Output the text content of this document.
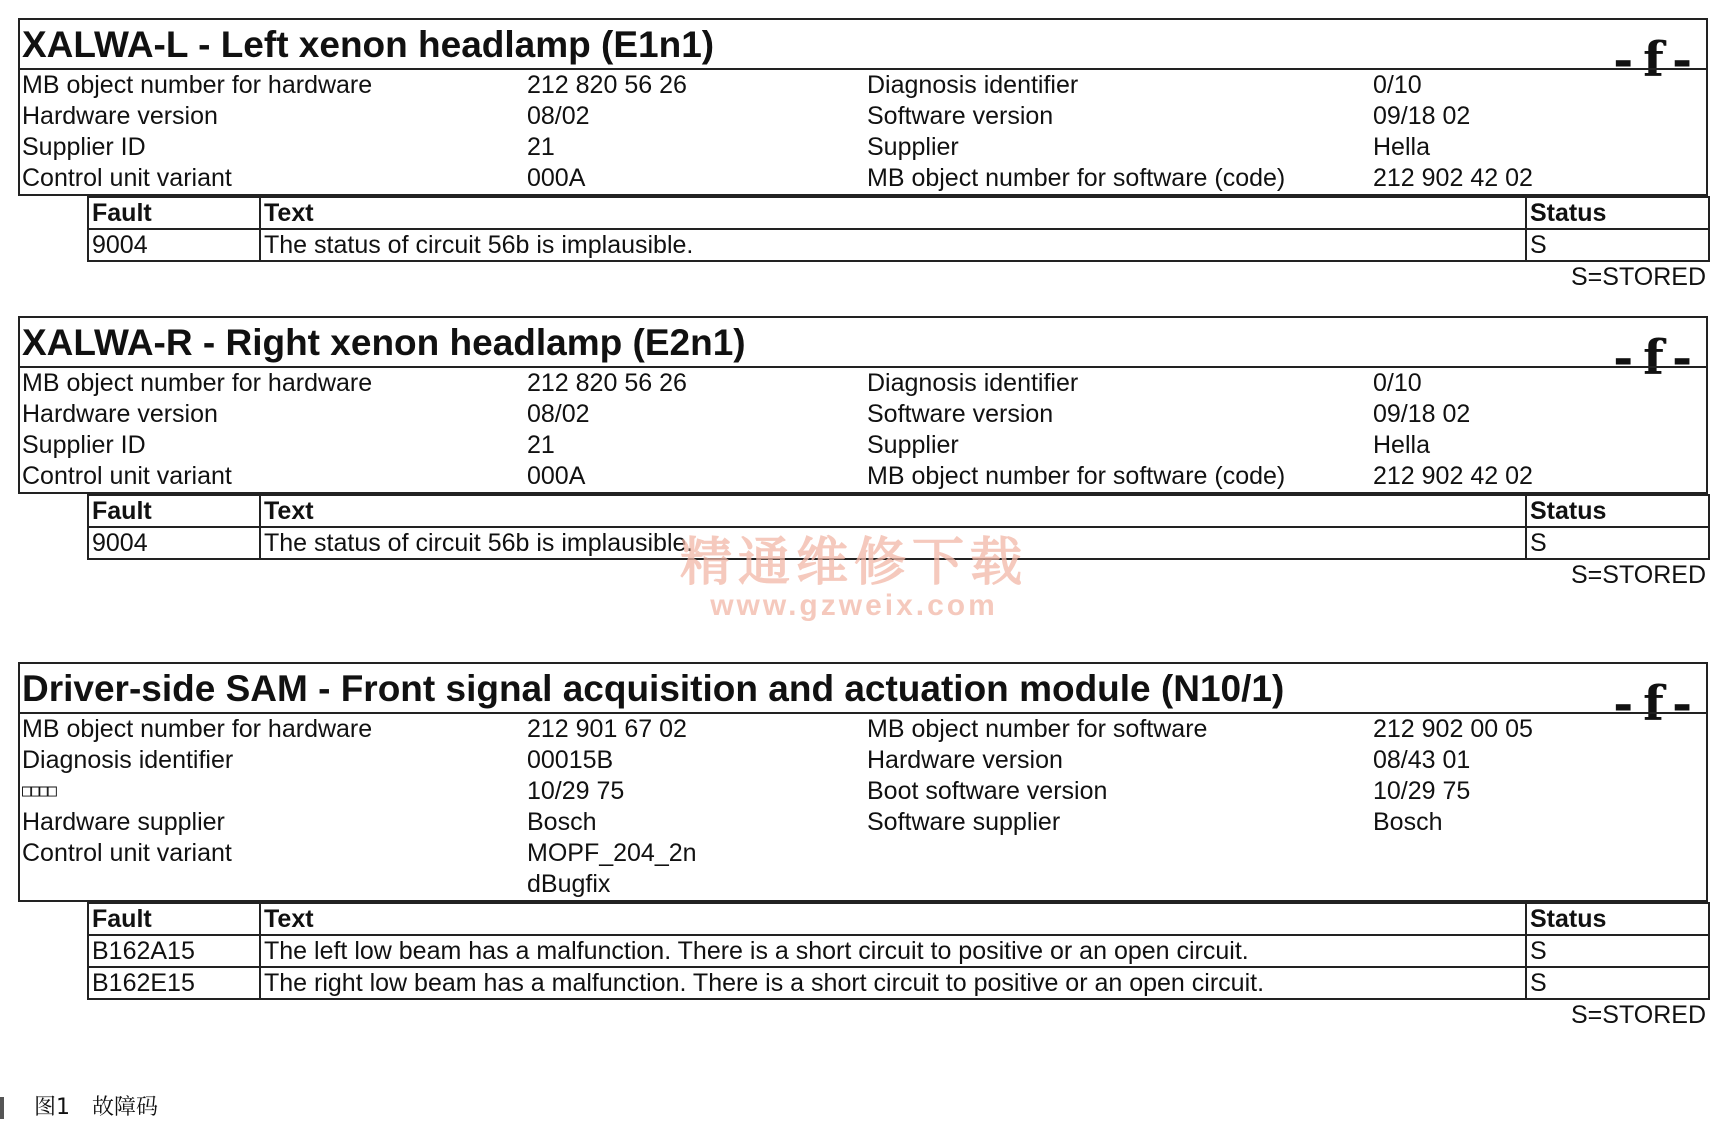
XALWA-L - Left xenon headlamp (E1n1)	-f-
MB object number for hardware	212 820 56 26	Diagnosis identifier	0/10
Hardware version	08/02	Software version	09/18 02
Supplier ID	21	Supplier	Hella
Control unit variant	000A	MB object number for software (code)	212 902 42 02
Fault	Text	Status
9004	The status of circuit 56b is implausible.	S
S=STORED
XALWA-R - Right xenon headlamp (E2n1)	-f-
MB object number for hardware	212 820 56 26	Diagnosis identifier	0/10
Hardware version	08/02	Software version	09/18 02
Supplier ID	21	Supplier	Hella
Control unit variant	000A	MB object number for software (code)	212 902 42 02
Fault	Text	Status
9004	The status of circuit 56b is implausible.	S
S=STORED
Driver-side SAM - Front signal acquisition and actuation module (N10/1)	-f-
MB object number for hardware	212 901 67 02	MB object number for software	212 902 00 05
Diagnosis identifier	00015B	Hardware version	08/43 01
□□□□	10/29 75	Boot software version	10/29 75
Hardware supplier	Bosch	Software supplier	Bosch
Control unit variant	MOPF_204_2n
dBugfix
Fault	Text	Status
B162A15	The left low beam has a malfunction. There is a short circuit to positive or an open circuit.	S
B162E15	The right low beam has a malfunction. There is a short circuit to positive or an open circuit.	S
S=STORED
精通维修下载
www.gzweix.com
图1　故障码
